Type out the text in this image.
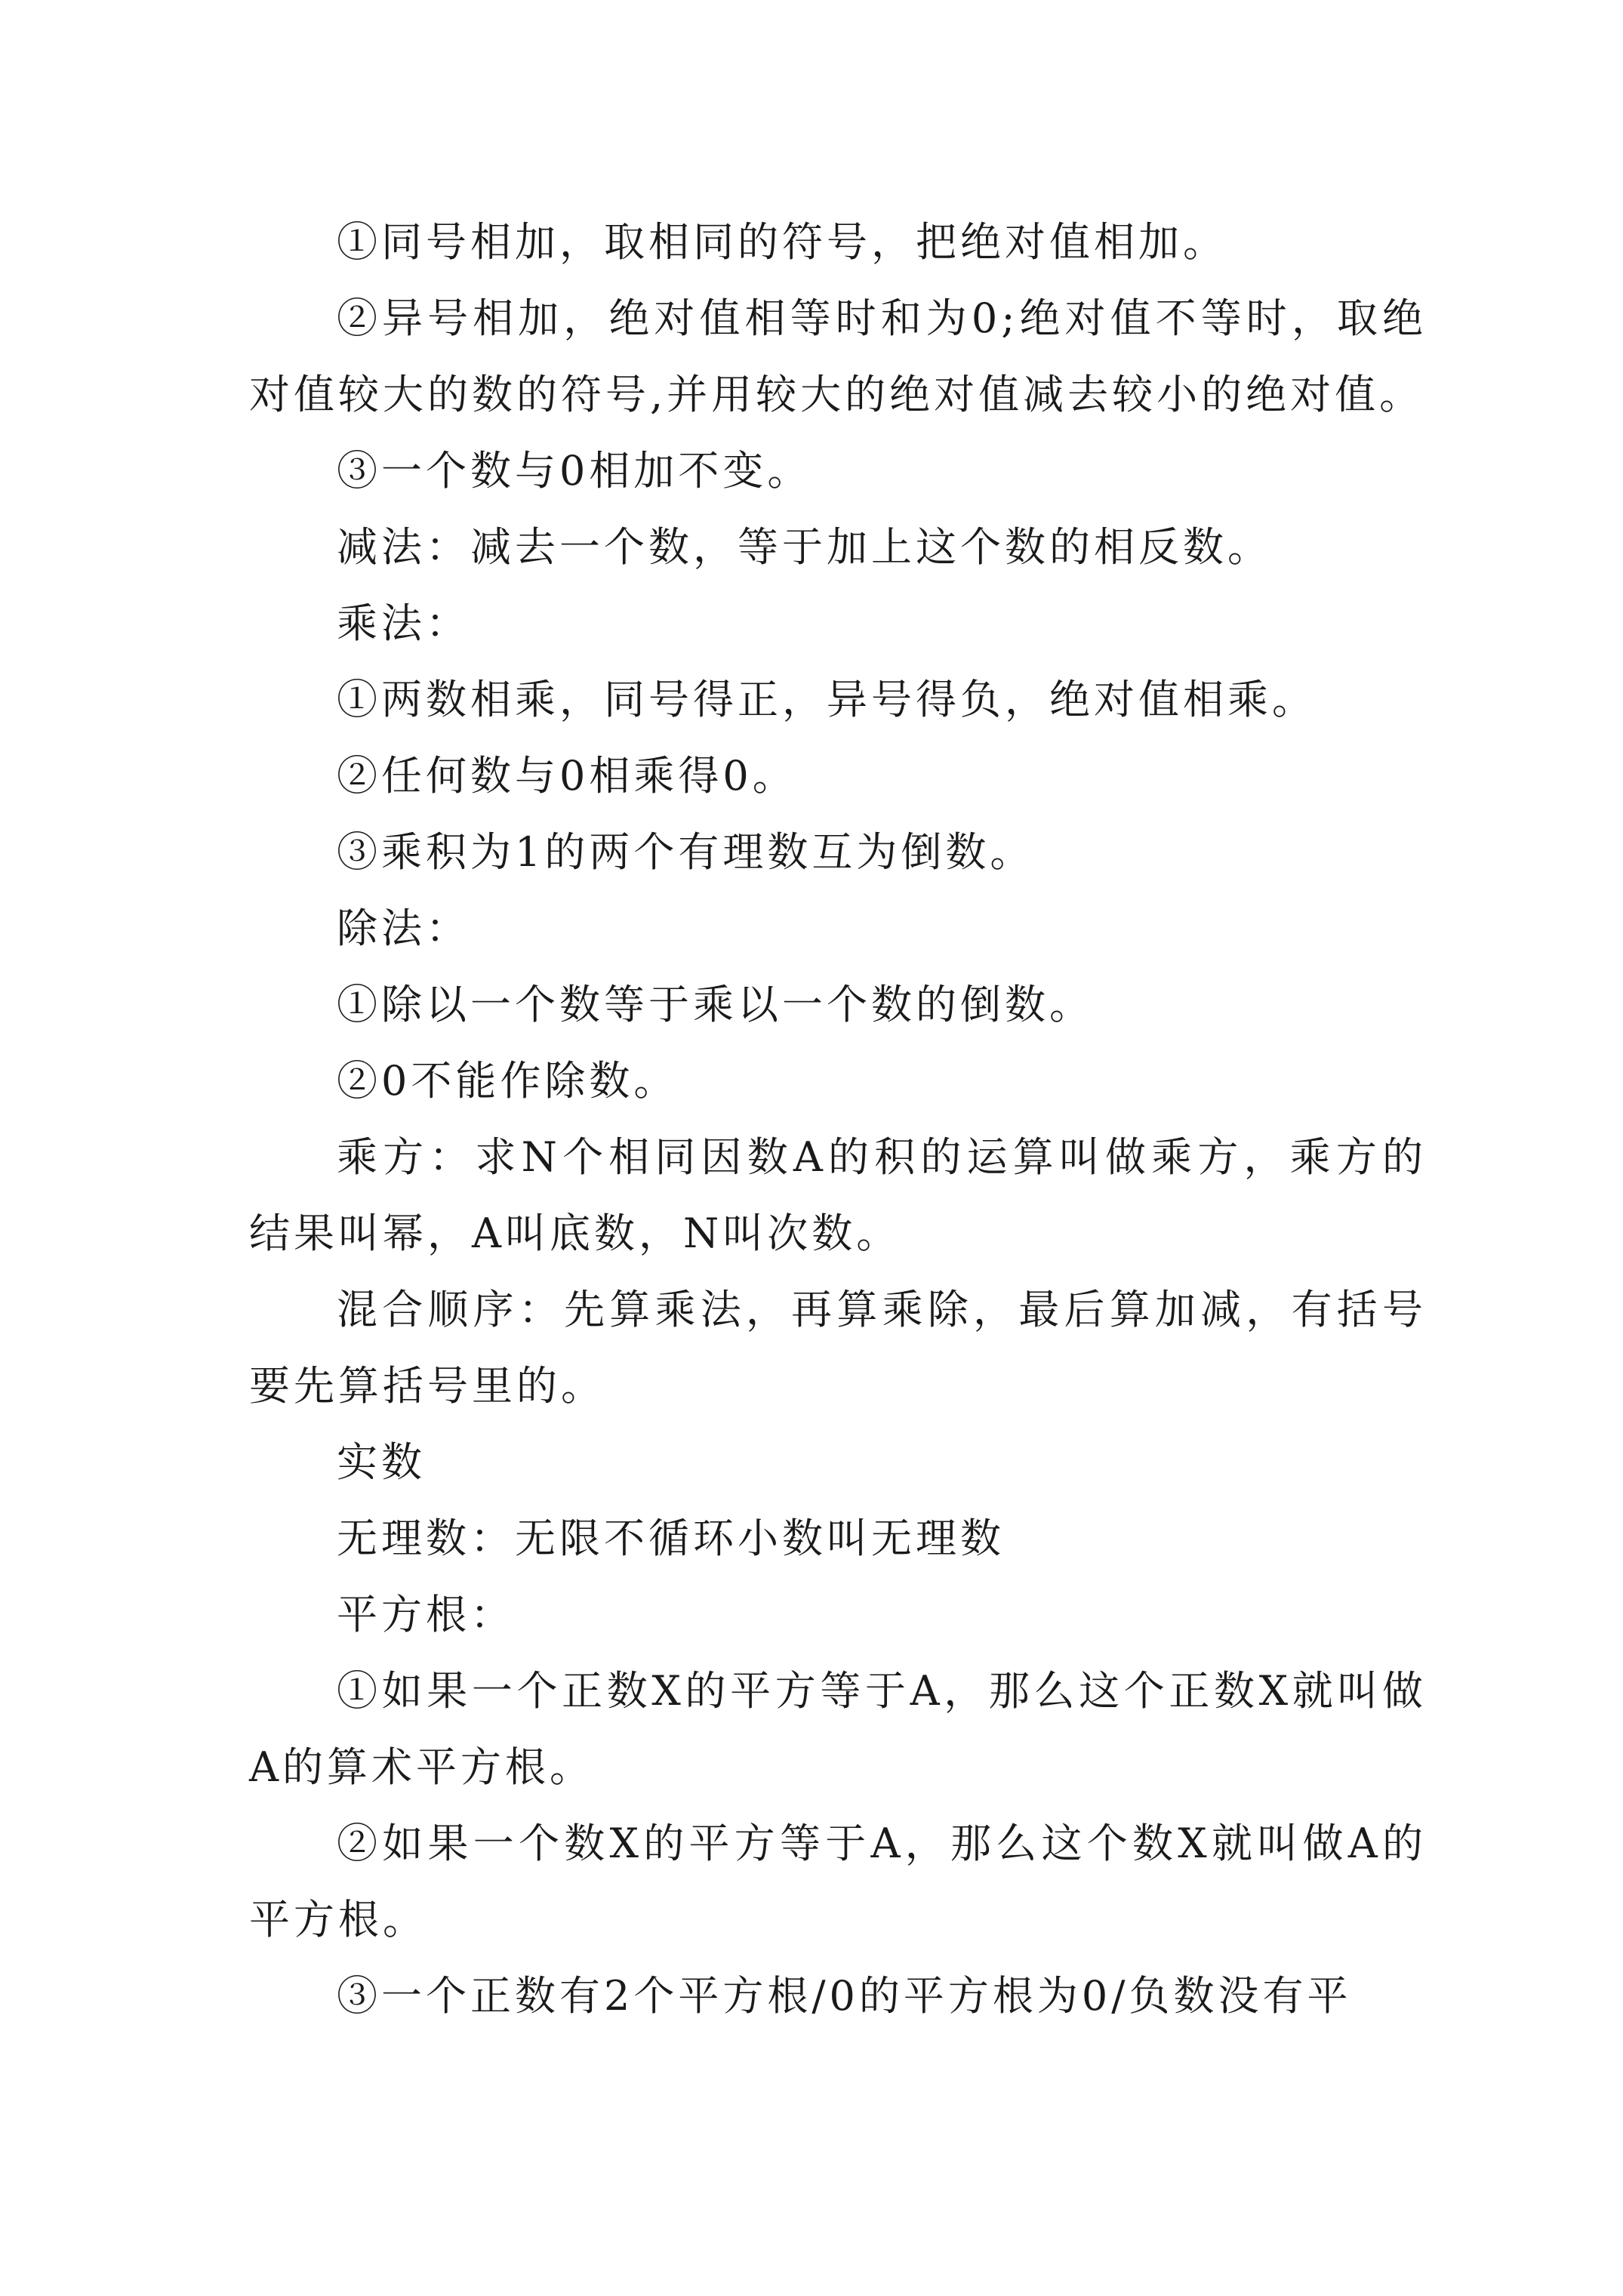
①同号相加，取相同的符号，把绝对值相加。

②异号相加，绝对值相等时和为0;绝对值不等时，取绝对值较大的数的符号,并用较大的绝对值减去较小的绝对值。

③一个数与0相加不变。

减法：减去一个数，等于加上这个数的相反数。

乘法：

①两数相乘，同号得正，异号得负，绝对值相乘。

②任何数与0相乘得0。

③乘积为1的两个有理数互为倒数。

除法：

①除以一个数等于乘以一个数的倒数。

②0不能作除数。

乘方：求N个相同因数A的积的运算叫做乘方，乘方的结果叫幂，A叫底数，N叫次数。

混合顺序：先算乘法，再算乘除，最后算加减，有括号要先算括号里的。

实数

无理数：无限不循环小数叫无理数

平方根：

①如果一个正数X的平方等于A，那么这个正数X就叫做A的算术平方根。

②如果一个数X的平方等于A，那么这个数X就叫做A的平方根。

③一个正数有2个平方根/0的平方根为0/负数没有平
